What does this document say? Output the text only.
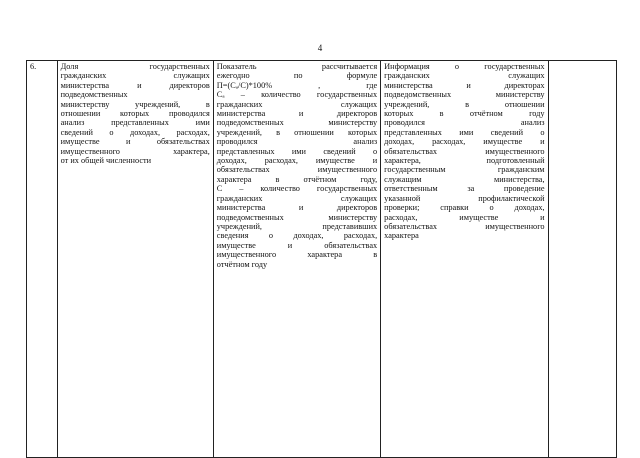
4
6.	Доля государственных
гражданских служащих
министерства и директоров
подведомственных
министерству учреждений, в
отношении которых проводился
анализ представленных ими
сведений о доходах, расходах,
имуществе и обязательствах
имущественного характера,
от их общей численности

Показатель рассчитывается
ежегодно по формуле
П=(Сₐ/С)*100% , где
Сₐ – количество государственных
гражданских служащих
министерства и директоров
подведомственных министерству
учреждений, в отношении которых
проводился анализ
представленных ими сведений о
доходах, расходах, имуществе и
обязательствах имущественного
характера в отчётном году,
С – количество государственных
гражданских служащих
министерства и директоров
подведомственных министерству
учреждений, представивших
сведения о доходах, расходах,
имуществе и обязательствах
имущественного характера в
отчётном году

Информация о государственных
гражданских служащих
министерства и директорах
подведомственных министерству
учреждений, в отношении
которых в отчётном году
проводился анализ
представленных ими сведений о
доходах, расходах, имуществе и
обязательствах имущественного
характера, подготовленный
государственным гражданским
служащим министерства,
ответственным за проведение
указанной профилактической
проверки; справки о доходах,
расходах, имуществе и
обязательствах имущественного
характера
